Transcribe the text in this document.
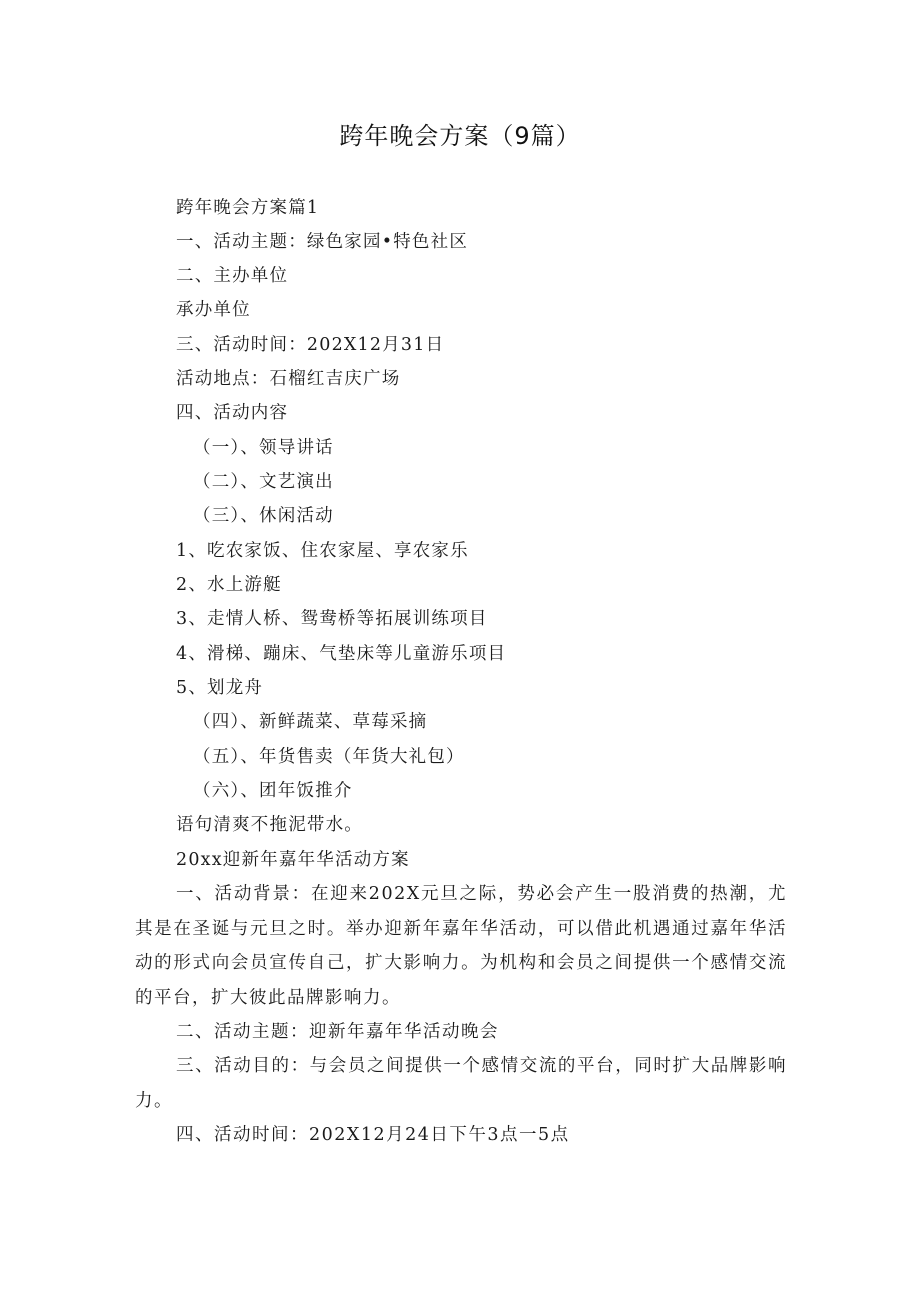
跨年晚会方案（9篇）
跨年晚会方案篇1
一、活动主题：绿色家园•特色社区
二、主办单位
承办单位
三、活动时间：202X12月31日
活动地点：石榴红吉庆广场
四、活动内容
（一）、领导讲话
（二）、文艺演出
（三）、休闲活动
1、吃农家饭、住农家屋、享农家乐
2、水上游艇
3、走情人桥、鸳鸯桥等拓展训练项目
4、滑梯、蹦床、气垫床等儿童游乐项目
5、划龙舟
（四）、新鲜蔬菜、草莓采摘
（五）、年货售卖（年货大礼包）
（六）、团年饭推介
语句清爽不拖泥带水。
20xx迎新年嘉年华活动方案
一、活动背景：在迎来202X元旦之际，势必会产生一股消费的热潮，尤其是在圣诞与元旦之时。举办迎新年嘉年华活动，可以借此机遇通过嘉年华活动的形式向会员宣传自己，扩大影响力。为机构和会员之间提供一个感情交流的平台，扩大彼此品牌影响力。
二、活动主题：迎新年嘉年华活动晚会
三、活动目的：与会员之间提供一个感情交流的平台，同时扩大品牌影响力。
四、活动时间：202X12月24日下午3点一5点
